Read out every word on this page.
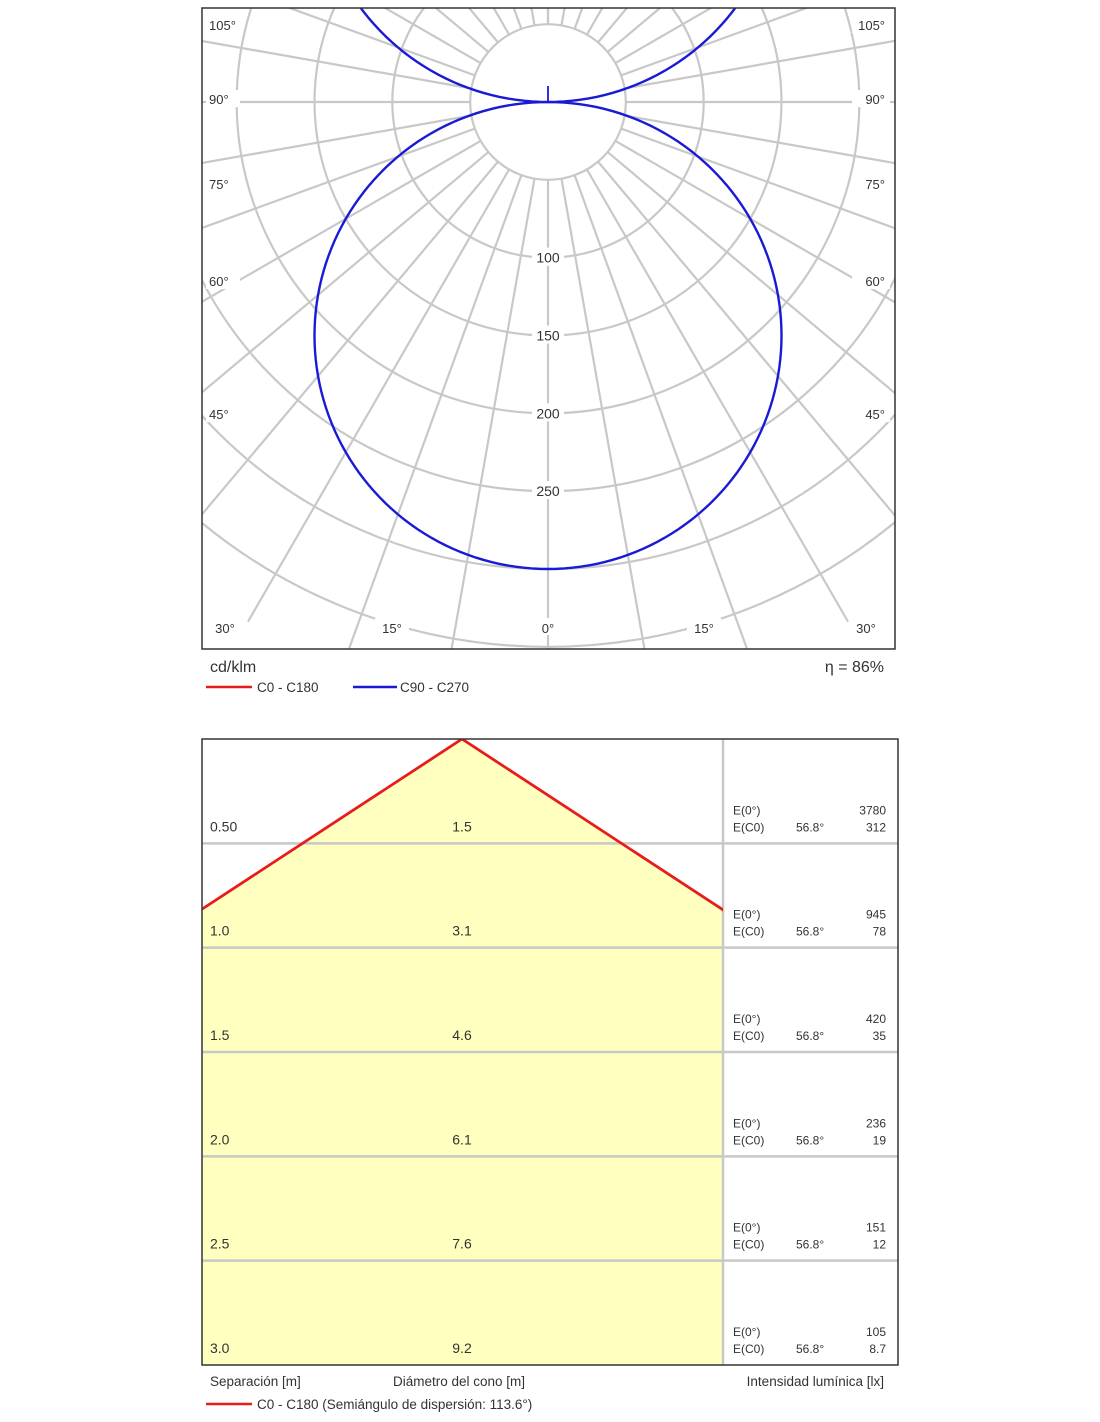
100
150
200
250
105°
90°
75°
60°
45°
105°
90°
75°
60°
45°
30°	15°	0°	15°	30°
cd/klm	η = 86%
C0 - C180	C90 - C270
0.50	1.5
E(0°)	3780
E(C0)	56.8°	312
1.0	3.1
E(0°)	945
E(C0)	56.8°	78
1.5	4.6
E(0°)	420
E(C0)	56.8°	35
2.0	6.1
E(0°)	236
E(C0)	56.8°	19
2.5	7.6
E(0°)	151
E(C0)	56.8°	12
3.0	9.2
E(0°)	105
E(C0)	56.8°	8.7
Separación [m]	Diámetro del cono [m]	Intensidad lumínica [lx]
C0 - C180 (Semiángulo de dispersión: 113.6°)
